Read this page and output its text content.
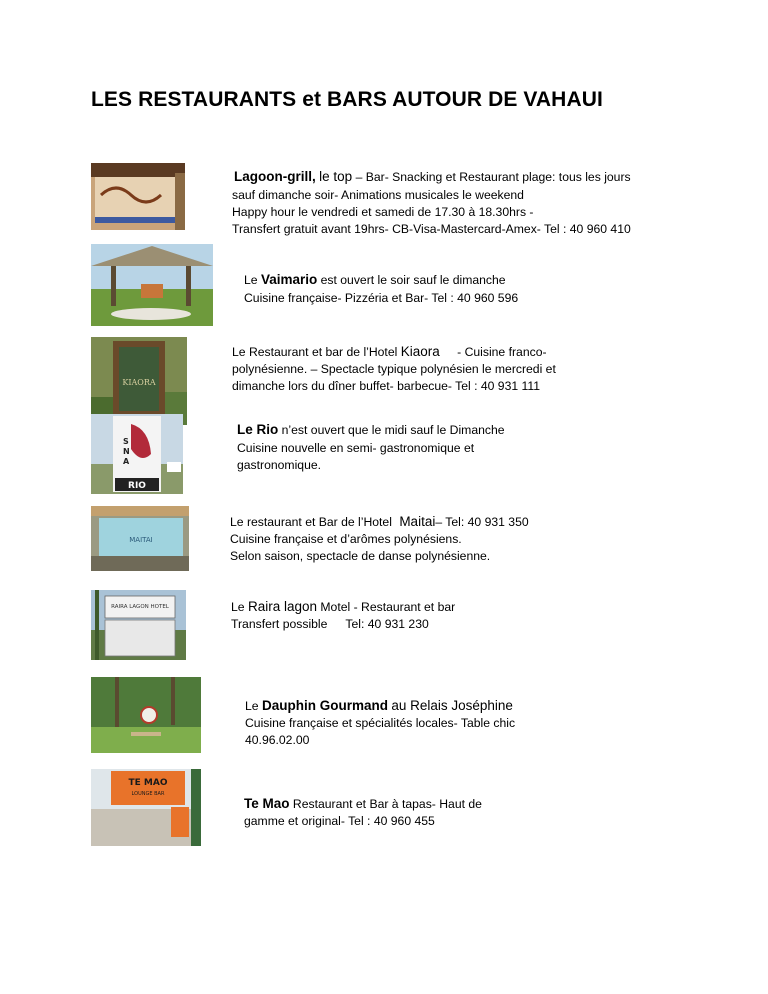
LES RESTAURANTS et BARS AUTOUR DE VAHAUI
Lagoon-grill, le top – Bar- Snacking et Restaurant plage: tous les jours
sauf dimanche soir- Animations musicales le weekend
Happy hour le vendredi et samedi de 17.30 à 18.30hrs -
Transfert gratuit avant 19hrs- CB-Visa-Mastercard-Amex- Tel : 40 960 410
Le Vaimario est ouvert le soir sauf le dimanche
Cuisine française- Pizzéria et Bar- Tel : 40 960 596
KIAORA
Le Restaurant et bar de l’Hotel Kiaora - Cuisine franco-
polynésienne. – Spectacle typique polynésien le mercredi et
dimanche lors du dîner buffet- barbecue- Tel : 40 931 111
S
N
A
RIO
Le Rio n’est ouvert que le midi sauf le Dimanche
Cuisine nouvelle en semi- gastronomique et
gastronomique.
MAITAI
Le restaurant et Bar de l’Hotel Maitai– Tel: 40 931 350
Cuisine française et d’arômes polynésiens.
Selon saison, spectacle de danse polynésienne.
RAIRA LAGON HOTEL	Le Raira lagon Motel - Restaurant et bar
Transfert possible Tel: 40 931 230
Le Dauphin Gourmand au Relais Joséphine
Cuisine française et spécialités locales- Table chic
40.96.02.00
TE MAO
LOUNGE BAR
Te Mao Restaurant et Bar à tapas- Haut de
gamme et original- Tel : 40 960 455
